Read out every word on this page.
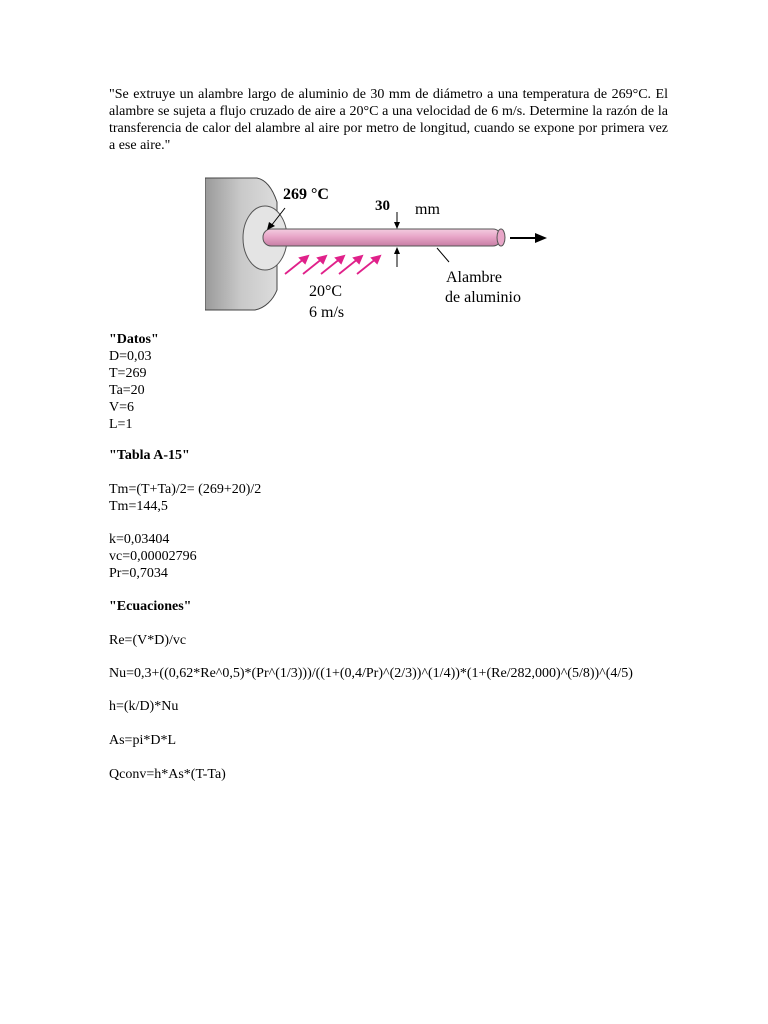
"Se extruye un alambre largo de aluminio de 30 mm de diámetro a una temperatura de 269°C. El alambre se sujeta a flujo cruzado de aire a 20°C a una velocidad de 6 m/s. Determine la razón de la transferencia de calor del alambre al aire por metro de longitud, cuando se expone por primera vez a ese aire."
269 °C
30 mm
20°C
6 m/s
Alambre
de aluminio
"Datos"
D=0,03
T=269
Ta=20
V=6
L=1
"Tabla A-15"
Tm=(T+Ta)/2= (269+20)/2
Tm=144,5
k=0,03404
vc=0,00002796
Pr=0,7034
"Ecuaciones"
Re=(V*D)/vc
Nu=0,3+((0,62*Re^0,5)*(Pr^(1/3)))/((1+(0,4/Pr)^(2/3))^(1/4))*(1+(Re/282,000)^(5/8))^(4/5)
h=(k/D)*Nu
As=pi*D*L
Qconv=h*As*(T-Ta)
